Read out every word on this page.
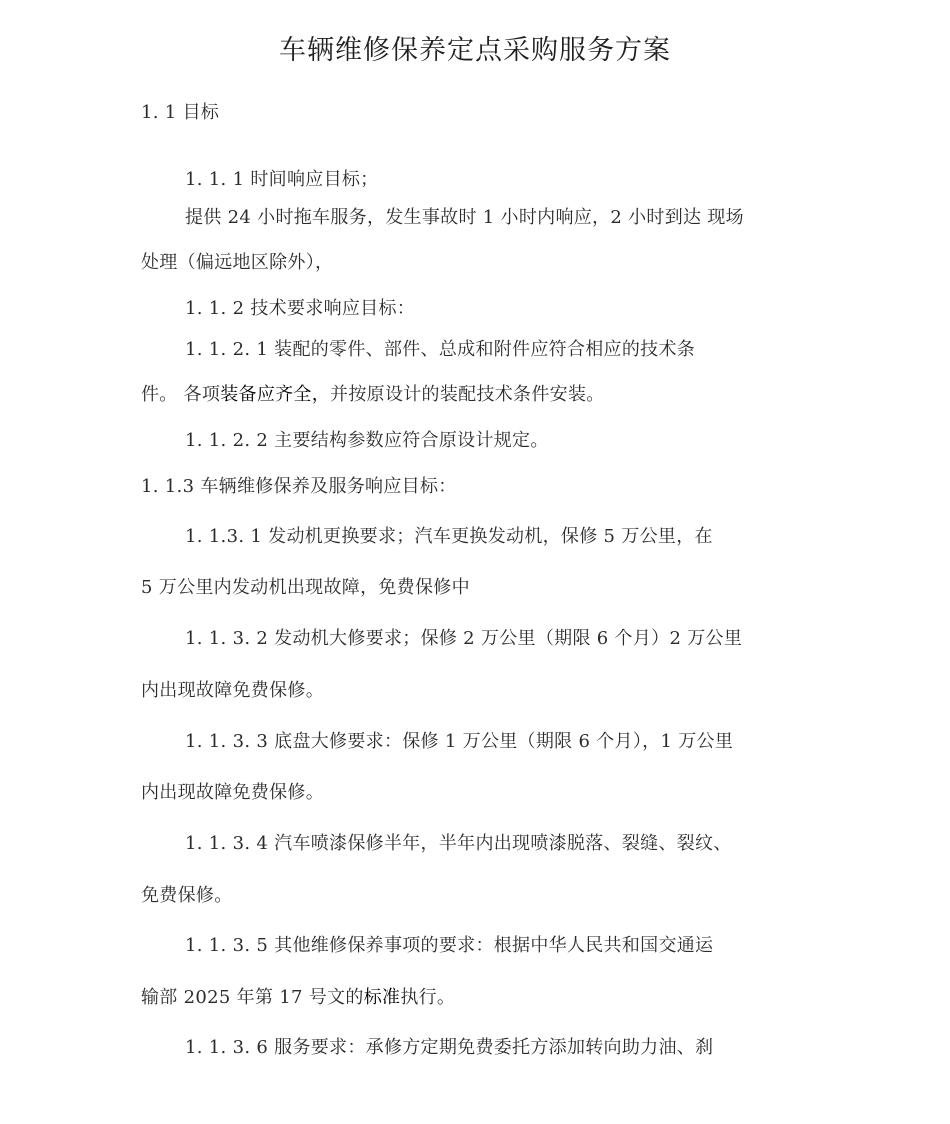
车辆维修保养定点采购服务方案
1. 1 目标
1. 1. 1 时间响应目标；
提供 24 小时拖车服务，发生事故时 1 小时内响应，2 小时到达 现场
处理（偏远地区除外），
1. 1. 2 技术要求响应目标：
1. 1. 2. 1 装配的零件、部件、总成和附件应符合相应的技术条
件。 各项装备应齐全，并按原设计的装配技术条件安装。
1. 1. 2. 2 主要结构参数应符合原设计规定。
1. 1.3 车辆维修保养及服务响应目标：
1. 1.3. 1 发动机更换要求；汽车更换发动机，保修 5 万公里，在
5 万公里内发动机出现故障，免费保修中
1. 1. 3. 2 发动机大修要求；保修 2 万公里（期限 6 个月）2 万公里
内出现故障免费保修。
1. 1. 3. 3 底盘大修要求：保修 1 万公里（期限 6 个月），1 万公里
内出现故障免费保修。
1. 1. 3. 4 汽车喷漆保修半年，半年内出现喷漆脱落、裂缝、裂纹、
免费保修。
1. 1. 3. 5 其他维修保养事项的要求：根据中华人民共和国交通运
输部 2025 年第 17 号文的标准执行。
1. 1. 3. 6 服务要求：承修方定期免费委托方添加转向助力油、刹
